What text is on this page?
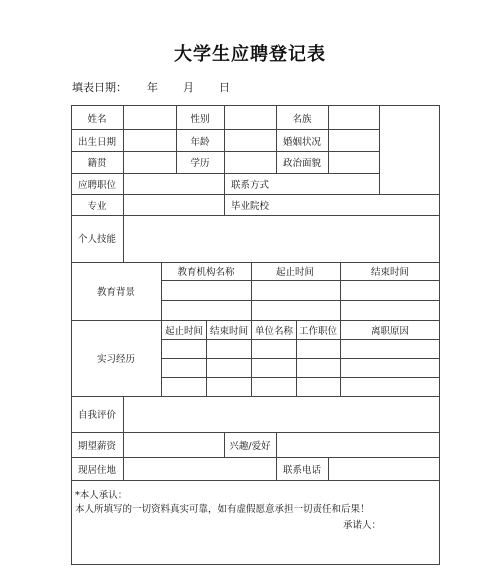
大学生应聘登记表
填表日期： 年 月 日
姓名	性别	名族
出生日期	年龄	婚姻状况
籍贯	学历	政治面貌
应聘职位	联系方式
专业	毕业院校
个人技能
教育背景
教育机构名称	起止时间	结束时间
实习经历
起止时间 结束时间 单位名称 工作职位	离职原因
自我评价
期望薪资	兴趣/爱好
现居住地	联系电话
*本人承认：
本人所填写的一切资料真实可靠，如有虚假愿意承担一切责任和后果！
承诺人：
